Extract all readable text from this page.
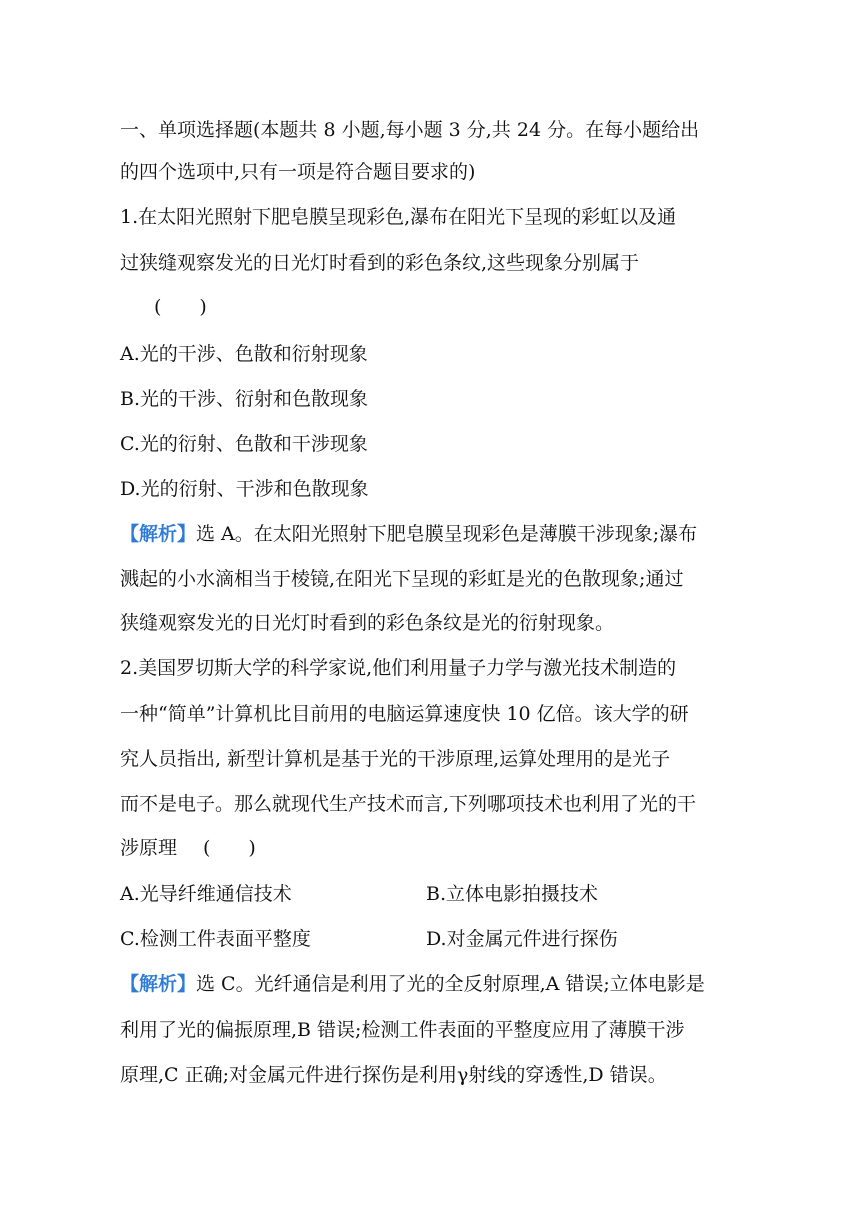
一、单项选择题(本题共 8 小题,每小题 3 分,共 24 分。在每小题给出
的四个选项中,只有一项是符合题目要求的)
1.在太阳光照射下肥皂膜呈现彩色,瀑布在阳光下呈现的彩虹以及通
过狭缝观察发光的日光灯时看到的彩色条纹,这些现象分别属于
(　　)
A.光的干涉、色散和衍射现象
B.光的干涉、衍射和色散现象
C.光的衍射、色散和干涉现象
D.光的衍射、干涉和色散现象
【解析】选 A。在太阳光照射下肥皂膜呈现彩色是薄膜干涉现象;瀑布
溅起的小水滴相当于棱镜,在阳光下呈现的彩虹是光的色散现象;通过
狭缝观察发光的日光灯时看到的彩色条纹是光的衍射现象。
2.美国罗切斯大学的科学家说,他们利用量子力学与激光技术制造的
一种“简单”计算机比目前用的电脑运算速度快 10 亿倍。该大学的研
究人员指出, 新型计算机是基于光的干涉原理,运算处理用的是光子
而不是电子。那么就现代生产技术而言,下列哪项技术也利用了光的干
涉原理 (　　)
A.光导纤维通信技术	B.立体电影拍摄技术
C.检测工件表面平整度	D.对金属元件进行探伤
【解析】选 C。光纤通信是利用了光的全反射原理,A 错误;立体电影是
利用了光的偏振原理,B 错误;检测工件表面的平整度应用了薄膜干涉
原理,C 正确;对金属元件进行探伤是利用γ射线的穿透性,D 错误。
